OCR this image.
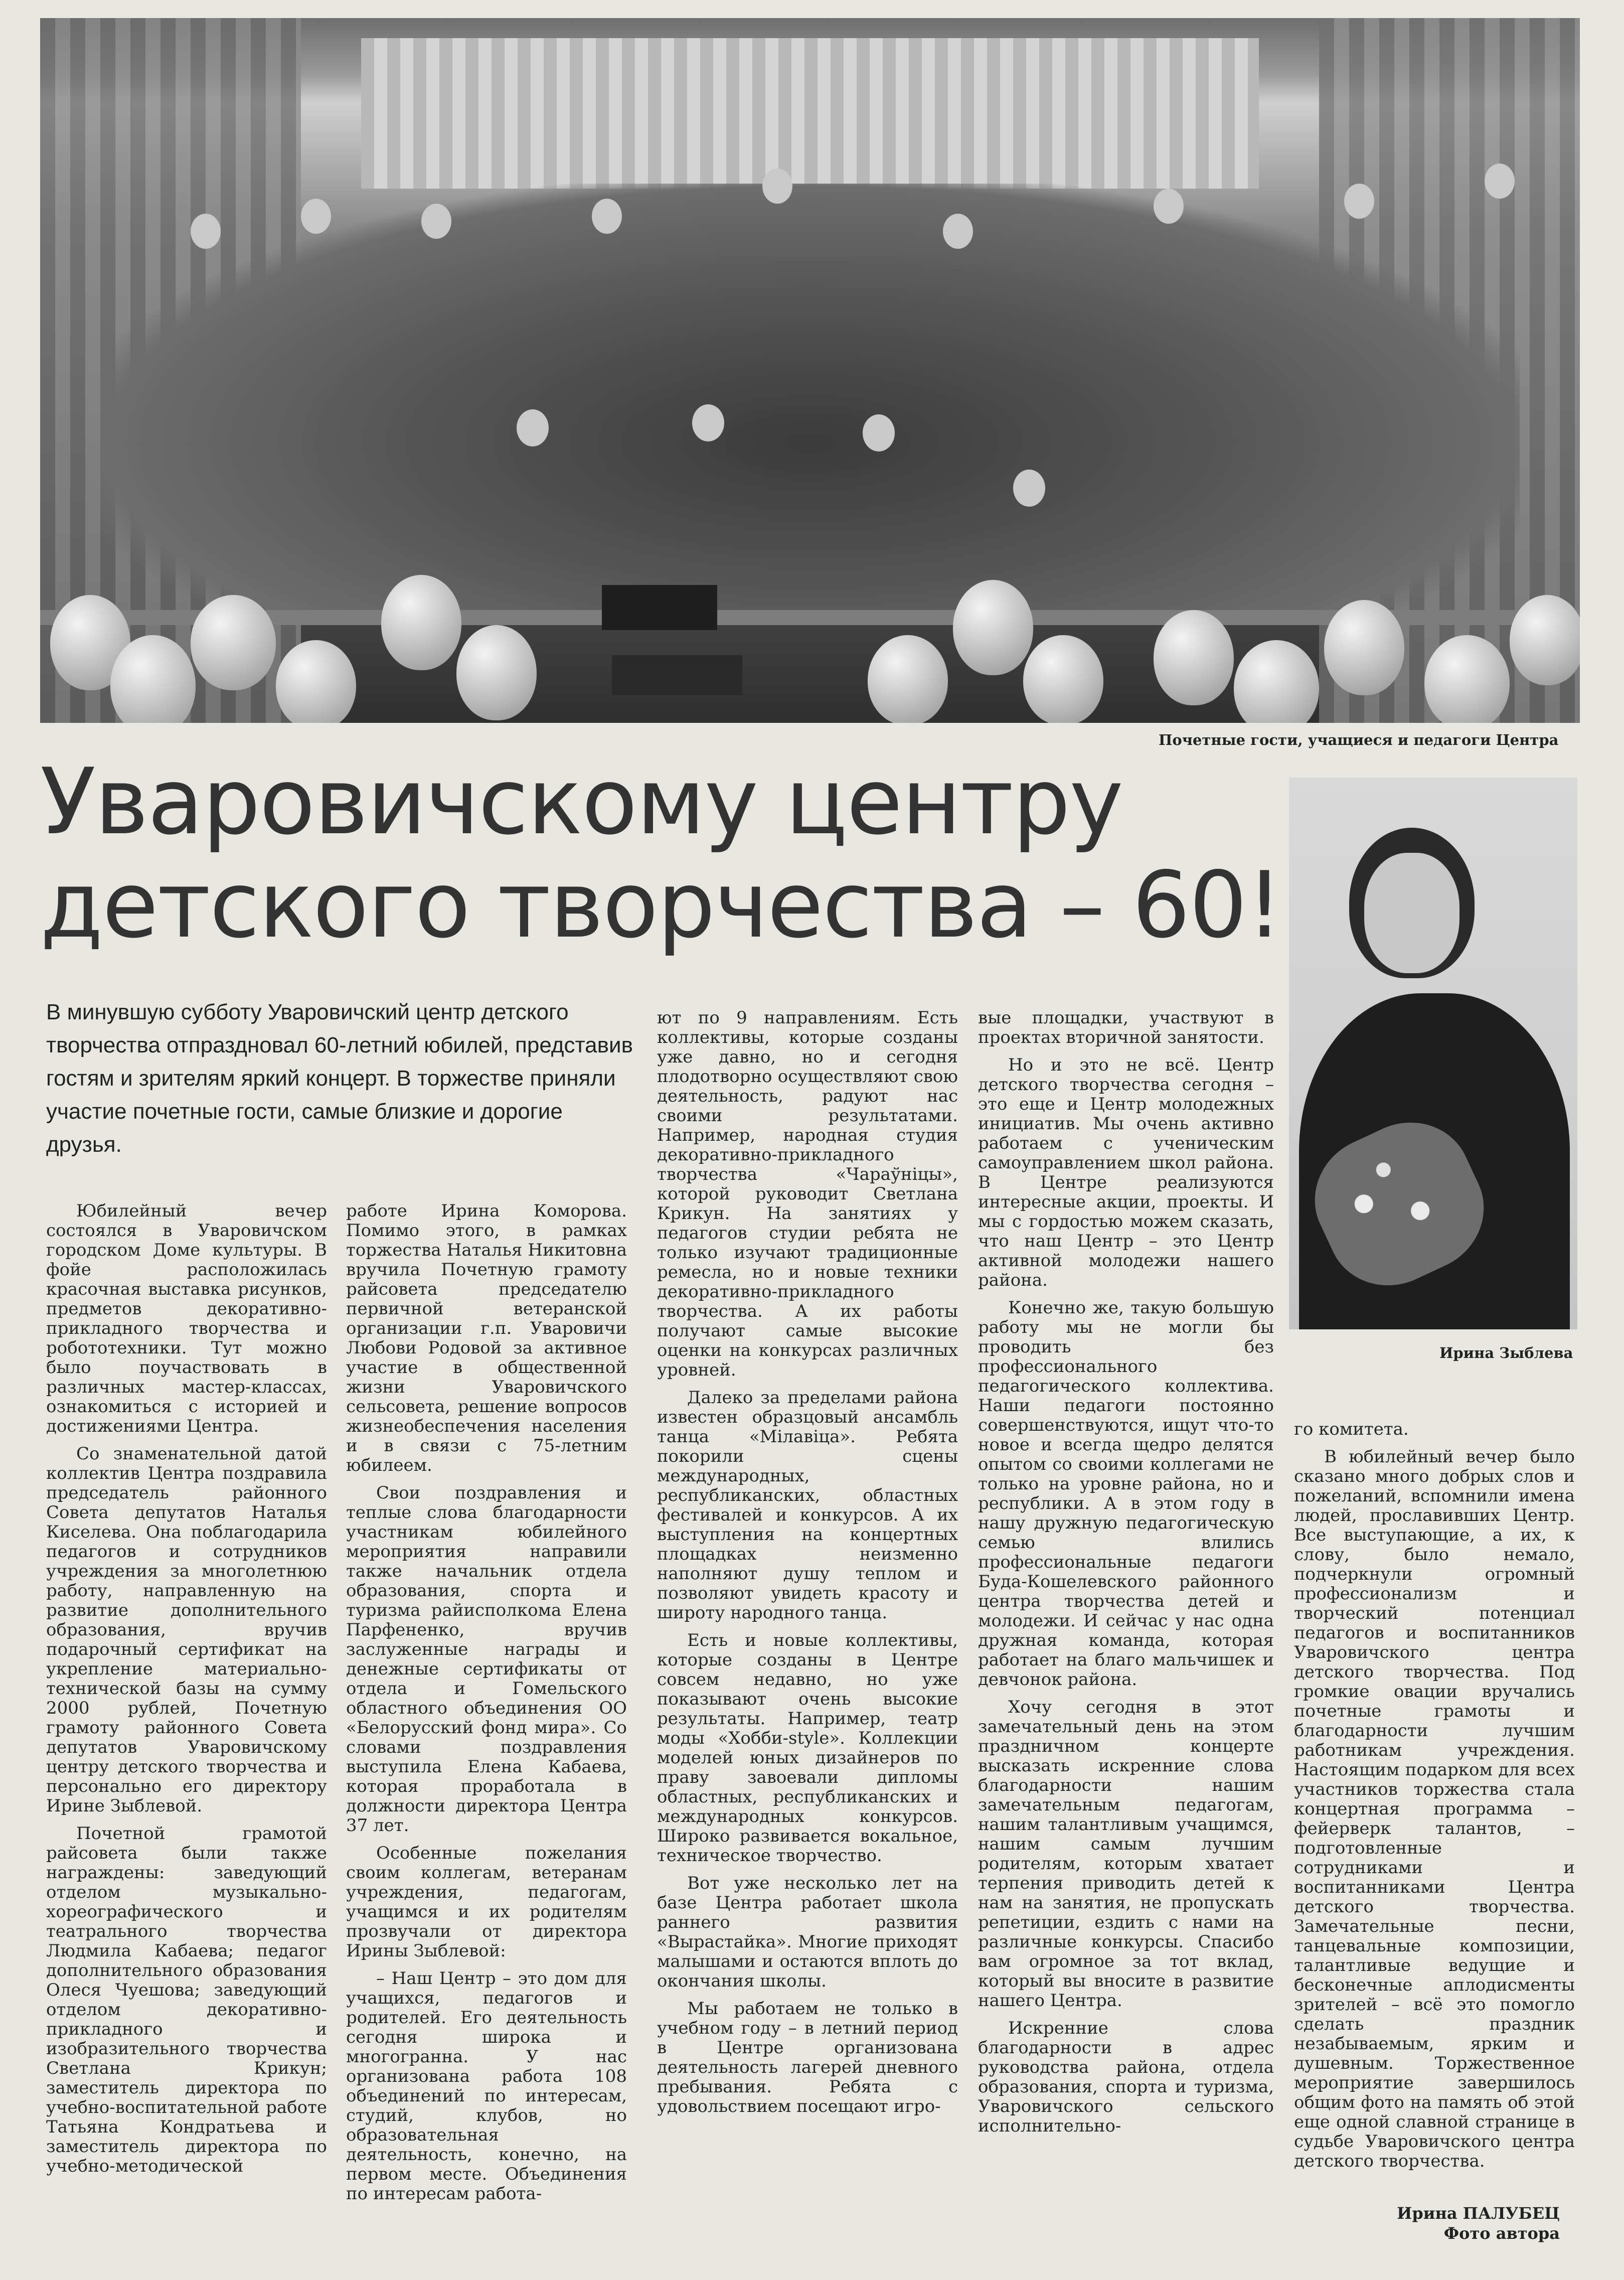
Почетные гости, учащиеся и педагоги Центра
Уваровичскому центру
детского творчества – 60!
Ирина Зыблева
В минувшую субботу Уваровичский центр детского творчества отпраздновал 60-летний юбилей, представив гостям и зрителям яркий концерт. В торжестве приняли участие почетные гости, самые близкие и дорогие друзья.

Юбилейный вечер состоялся в Уваровичском городском Доме культуры. В фойе расположилась красочная выставка рисунков, предметов декоративно-прикладного творчества и робототехники. Тут можно было поучаствовать в различных мастер-классах, ознакомиться с историей и достижениями Центра.

Со знаменательной датой коллектив Центра поздравила председатель районного Совета депутатов Наталья Киселева. Она поблагодарила педагогов и сотрудников учреждения за многолетнюю работу, направленную на развитие дополнительного образования, вручив подарочный сертификат на укрепление материально-технической базы на сумму 2000 рублей, Почетную грамоту районного Совета депутатов Уваровичскому центру детского творчества и персонально его директору Ирине Зыблевой.

Почетной грамотой райсовета были также награждены: заведующий отделом музыкально-хореографического и театрального творчества Людмила Кабаева; педагог дополнительного образования Олеся Чуешова; заведующий отделом декоративно-прикладного и изобразительного творчества Светлана Крикун; заместитель директора по учебно-воспитательной работе Татьяна Кондратьева и заместитель директора по учебно-методической

работе Ирина Коморова. Помимо этого, в рамках торжества Наталья Никитовна вручила Почетную грамоту райсовета председателю первичной ветеранской организации г.п. Уваровичи Любови Родовой за активное участие в общественной жизни Уваровичского сельсовета, решение вопросов жизнеобеспечения населения и в связи с 75-летним юбилеем.

Свои поздравления и теплые слова благодарности участникам юбилейного мероприятия направили также начальник отдела образования, спорта и туризма райисполкома Елена Парфененко, вручив заслуженные награды и денежные сертификаты от отдела и Гомельского областного объединения ОО «Белорусский фонд мира». Со словами поздравления выступила Елена Кабаева, которая проработала в должности директора Центра 37 лет.

Особенные пожелания своим коллегам, ветеранам учреждения, педагогам, учащимся и их родителям прозвучали от директора Ирины Зыблевой:

– Наш Центр – это дом для учащихся, педагогов и родителей. Его деятельность сегодня широка и многогранна. У нас организована работа 108 объединений по интересам, студий, клубов, но образовательная деятельность, конечно, на первом месте. Объединения по интересам работа-

ют по 9 направлениям. Есть коллективы, которые созданы уже давно, но и сегодня плодотворно осуществляют свою деятельность, радуют нас своими результатами. Например, народная студия декоративно-прикладного творчества «Чараўніцы», которой руководит Светлана Крикун. На занятиях у педагогов студии ребята не только изучают традиционные ремесла, но и новые техники декоративно-прикладного творчества. А их работы получают самые высокие оценки на конкурсах различных уровней.

Далеко за пределами района известен образцовый ансамбль танца «Мілавіца». Ребята покорили сцены международных, республиканских, областных фестивалей и конкурсов. А их выступления на концертных площадках неизменно наполняют душу теплом и позволяют увидеть красоту и широту народного танца.

Есть и новые коллективы, которые созданы в Центре совсем недавно, но уже показывают очень высокие результаты. Например, театр моды «Хобби-style». Коллекции моделей юных дизайнеров по праву завоевали дипломы областных, республиканских и международных конкурсов. Широко развивается вокальное, техническое творчество.

Вот уже несколько лет на базе Центра работает школа раннего развития «Вырастайка». Многие приходят малышами и остаются вплоть до окончания школы.

Мы работаем не только в учебном году – в летний период в Центре организована деятельность лагерей дневного пребывания. Ребята с удовольствием посещают игро-

вые площадки, участвуют в проектах вторичной занятости.

Но и это не всё. Центр детского творчества сегодня – это еще и Центр молодежных инициатив. Мы очень активно работаем с ученическим самоуправлением школ района. В Центре реализуются интересные акции, проекты. И мы с гордостью можем сказать, что наш Центр – это Центр активной молодежи нашего района.

Конечно же, такую большую работу мы не могли бы проводить без профессионального педагогического коллектива. Наши педагоги постоянно совершенствуются, ищут что-то новое и всегда щедро делятся опытом со своими коллегами не только на уровне района, но и республики. А в этом году в нашу дружную педагогическую семью влились профессиональные педагоги Буда-Кошелевского районного центра творчества детей и молодежи. И сейчас у нас одна дружная команда, которая работает на благо мальчишек и девчонок района.

Хочу сегодня в этот замечательный день на этом праздничном концерте высказать искренние слова благодарности нашим замечательным педагогам, нашим талантливым учащимся, нашим самым лучшим родителям, которым хватает терпения приводить детей к нам на занятия, не пропускать репетиции, ездить с нами на различные конкурсы. Спасибо вам огромное за тот вклад, который вы вносите в развитие нашего Центра.

Искренние слова благодарности в адрес руководства района, отдела образования, спорта и туризма, Уваровичского сельского исполнительно-

го комитета.

В юбилейный вечер было сказано много добрых слов и пожеланий, вспомнили имена людей, прославивших Центр. Все выступающие, а их, к слову, было немало, подчеркнули огромный профессионализм и творческий потенциал педагогов и воспитанников Уваровичского центра детского творчества. Под громкие овации вручались почетные грамоты и благодарности лучшим работникам учреждения. Настоящим подарком для всех участников торжества стала концертная программа – фейерверк талантов, – подготовленные сотрудниками и воспитанниками Центра детского творчества. Замечательные песни, танцевальные композиции, талантливые ведущие и бесконечные аплодисменты зрителей – всё это помогло сделать праздник незабываемым, ярким и душевным. Торжественное мероприятие завершилось общим фото на память об этой еще одной славной странице в судьбе Уваровичского центра детского творчества.

Ирина ПАЛУБЕЦ
Фото автора
